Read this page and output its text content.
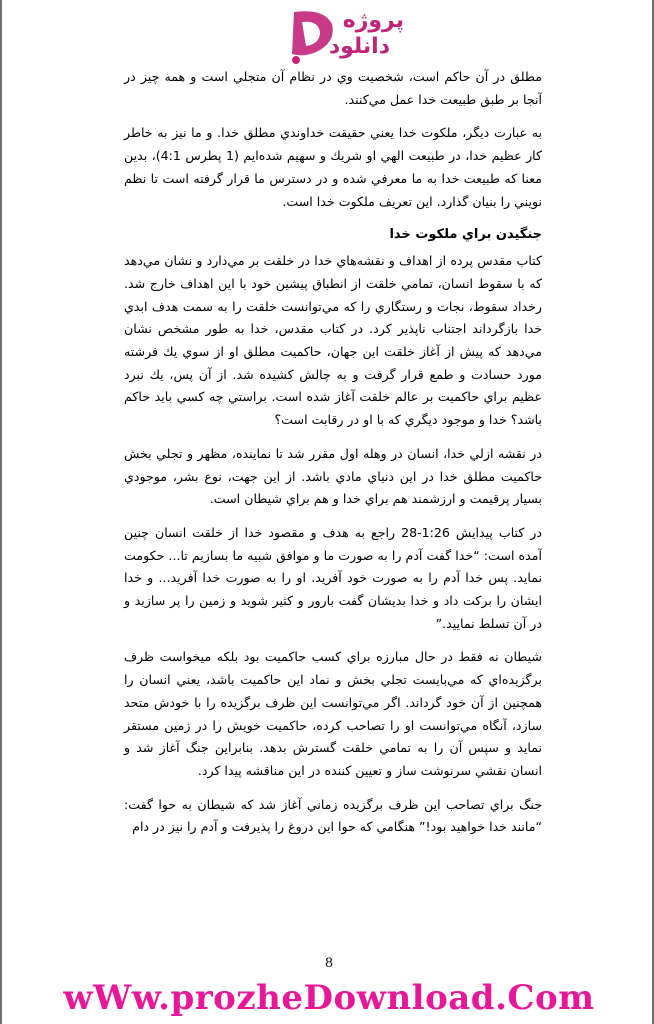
پروژه
دانلود

مطلق در آن حاكم است، شخصيت وي در نظام آن متجلي است و همه چيز در آنجا بر طبق طبيعت خدا عمل مي‌كنند.

به عبارت ديگر، ملكوت خدا يعني حقيقت خداوندي مطلق خدا. و ما نيز به خاطر كار عظيم خدا، در طبيعت الهي او شريك و سهيم شده‌ايم (1 پطرس 4:1)، بدين معنا كه طبيعت خدا به ما معرفي شده و در دسترس ما قرار گرفته است تا نظم نويني را بنيان گذارد. اين تعريف ملكوت خدا است.

جنگيدن براي ملكوت خدا

كتاب مقدس پرده از اهداف و نقشه‌هاي خدا در خلقت بر مي‌دارد و نشان مي‌دهد كه با سقوط انسان، تمامي خلقت از انطباق پيشين خود با اين اهداف خارج شد. رخداد سقوط، نجات و رستگاري را كه مي‌توانست خلقت را به سمت هدف ابدي خدا بازگرداند اجتناب ناپذير كرد. در كتاب مقدس، خدا به طور مشخص نشان مي‌دهد كه پيش از آغاز خلقت اين جهان، حاكميت مطلق او از سوي يك فرشته مورد حسادت و طمع قرار گرفت و به چالش كشيده شد. از آن پس، يك نبرد عظيم براي حاكميت بر عالم خلقت آغاز شده است. براستي چه كسي بايد حاكم باشد؟ خدا و موجود ديگري كه با او در رقابت است؟

در نقشه ازلي خدا، انسان در وهله اول مقرر شد تا نماينده، مظهر و تجلي بخش حاكميت مطلق خدا در اين دنياي مادي باشد. از اين جهت، نوع بشر، موجودي بسيار پرقيمت و ارزشمند هم براي خدا و هم براي شيطان است.

در كتاب پيدايش 1:26-28 راجع به هدف و مقصود خدا از خلقت انسان چنين آمده است: “خدا گفت آدم را به صورت ما و موافق شبيه ما بسازيم تا... حكومت نمايد. پس خدا آدم را به صورت خود آفريد. او را به صورت خدا آفريد... و خدا ايشان را بركت داد و خدا بديشان گفت بارور و كثير شويد و زمين را پر سازيد و در آن تسلط نماييد.”

شيطان نه فقط در حال مبارزه براي كسب حاكميت بود بلكه ميخواست ظرف برگزيده‌اي كه مي‌بايست تجلي بخش و نماد اين حاكميت باشد، يعني انسان را همچنين از آن خود گرداند. اگر مي‌توانست اين ظرف برگزيده را با خودش متحد سازد، آنگاه مي‌توانست او را تصاحب كرده، حاكميت خويش را در زمين مستقر نمايد و سپس آن را به تمامي خلقت گسترش بدهد. بنابراين جنگ آغاز شد و انسان نقشي سرنوشت ساز و تعيين كننده در اين مناقشه پيدا كرد.

جنگ براي تصاحب اين ظرف برگزيده زماني آغاز شد كه شيطان به حوا گفت: “مانند خدا خواهيد بود!” هنگامي كه حوا اين دروغ را پذيرفت و آدم را نيز در دام

8
wWw.prozheDownload.Com
